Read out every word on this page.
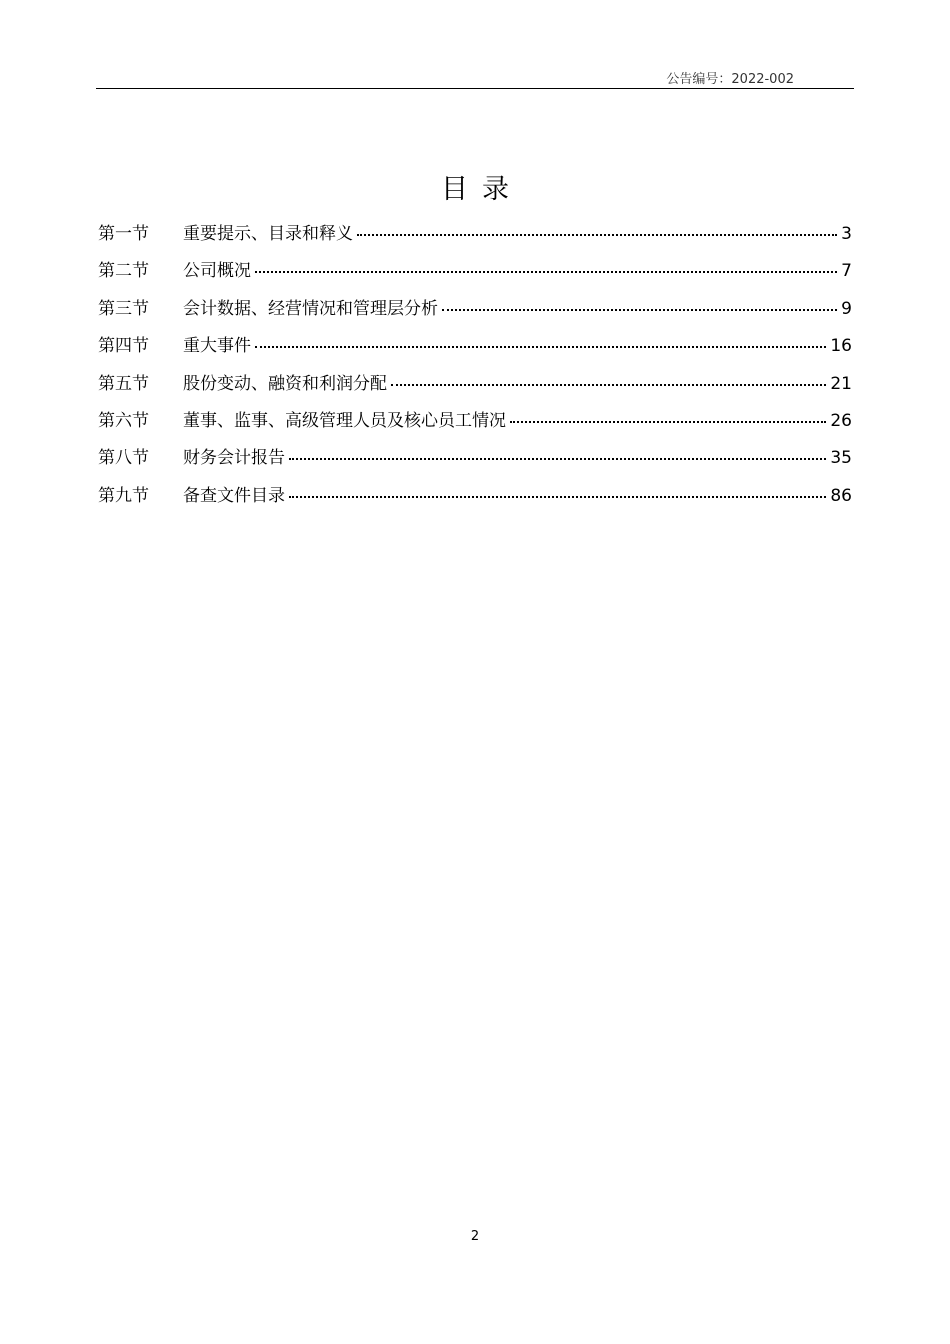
公告编号：2022-002
目录
第一节	重要提示、目录和释义	3
第二节	公司概况	7
第三节	会计数据、经营情况和管理层分析	9
第四节	重大事件	16
第五节	股份变动、融资和利润分配	21
第六节	董事、监事、高级管理人员及核心员工情况	26
第八节	财务会计报告	35
第九节	备查文件目录	86
2
